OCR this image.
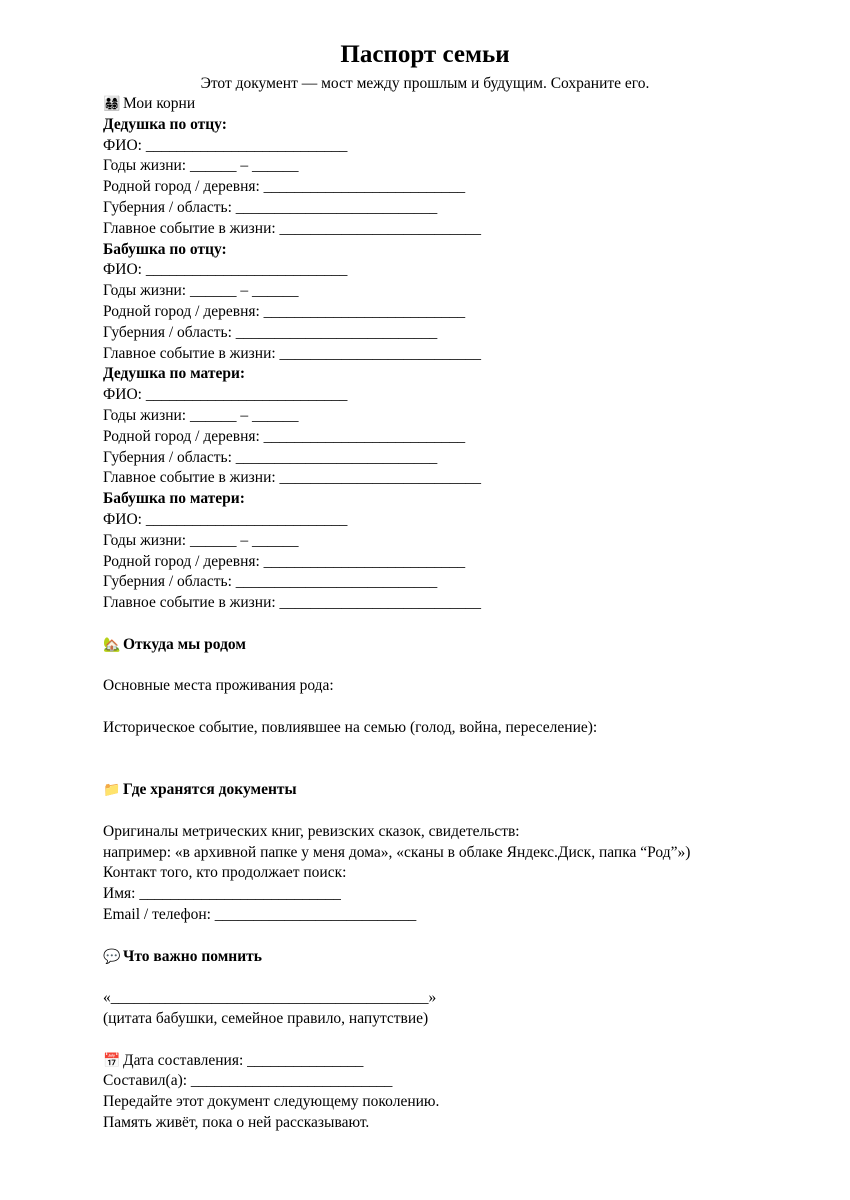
Паспорт семьи
Этот документ — мост между прошлым и будущим. Сохраните его.
👨‍👩‍👧‍👦 Мои корни
Дедушка по отцу:
ФИО: __________________________
Годы жизни: ______ – ______
Родной город / деревня: __________________________
Губерния / область: __________________________
Главное событие в жизни: __________________________
Бабушка по отцу:
ФИО: __________________________
Годы жизни: ______ – ______
Родной город / деревня: __________________________
Губерния / область: __________________________
Главное событие в жизни: __________________________
Дедушка по матери:
ФИО: __________________________
Годы жизни: ______ – ______
Родной город / деревня: __________________________
Губерния / область: __________________________
Главное событие в жизни: __________________________
Бабушка по матери:
ФИО: __________________________
Годы жизни: ______ – ______
Родной город / деревня: __________________________
Губерния / область: __________________________
Главное событие в жизни: __________________________
🏡 Откуда мы родом
Основные места проживания рода:
Историческое событие, повлиявшее на семью (голод, война, переселение):
📁 Где хранятся документы
Оригиналы метрических книг, ревизских сказок, свидетельств:
например: «в архивной папке у меня дома», «сканы в облаке Яндекс.Диск, папка “Род”»)
Контакт того, кто продолжает поиск:
Имя: __________________________
Email / телефон: __________________________
💬 Что важно помнить
«_________________________________________»
(цитата бабушки, семейное правило, напутствие)
📅 Дата составления: _______________
Составил(а): __________________________
Передайте этот документ следующему поколению.
Память живёт, пока о ней рассказывают.
